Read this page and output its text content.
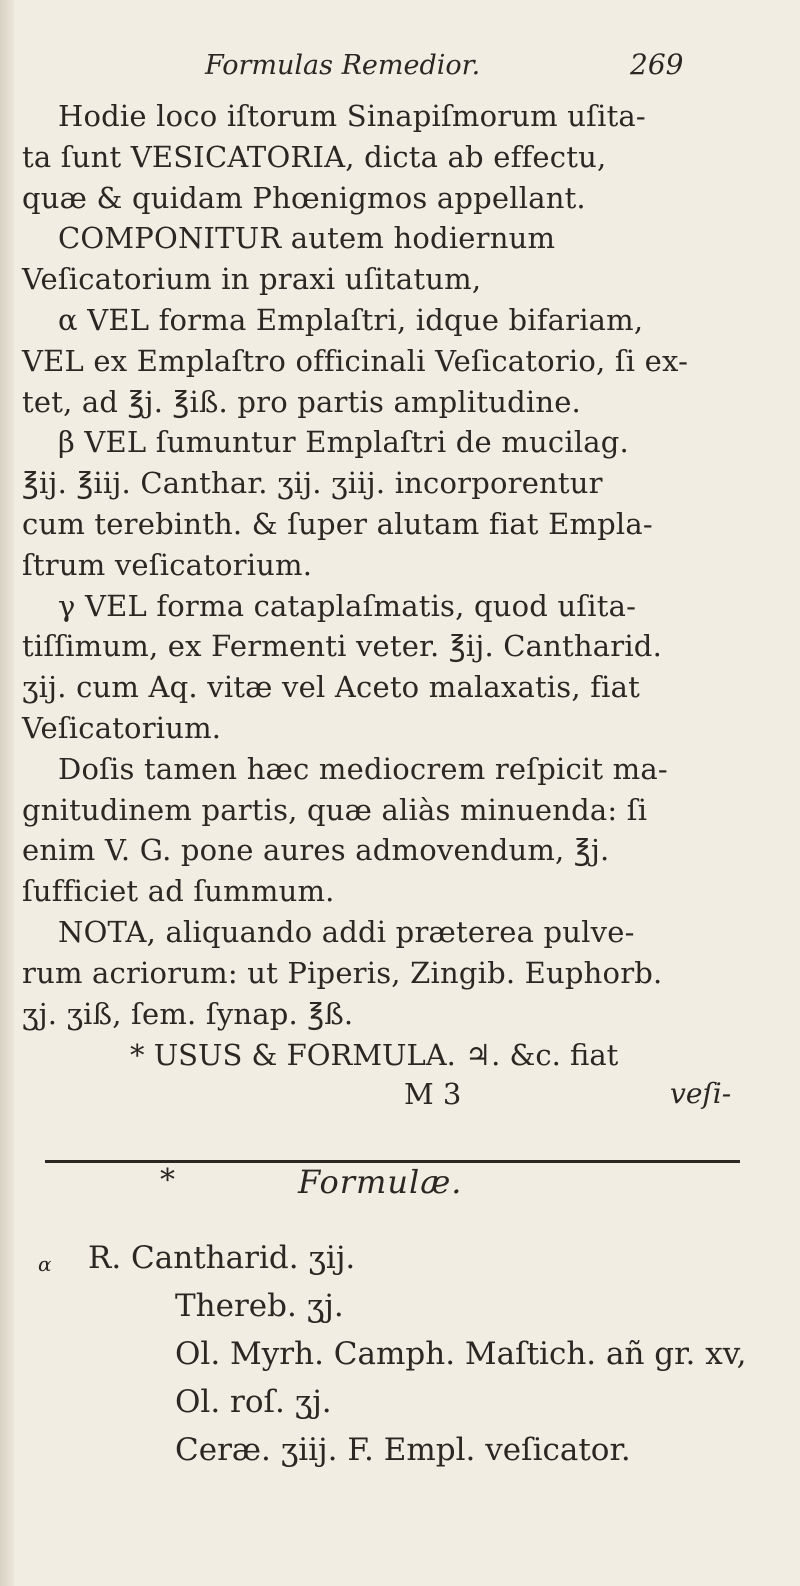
Formulas Remedior.	269
Hodie loco iſtorum Sinapiſmorum uſita-
ta ſunt VESICATORIA, dicta ab effectu,
quæ & quidam Phœnigmos appellant.
COMPONITUR autem hodiernum
Veſicatorium in praxi uſitatum,
α VEL forma Emplaſtri, idque bifariam,
VEL ex Emplaſtro officinali Veſicatorio, ſi ex-
tet, ad ℥j. ℥iß. pro partis amplitudine.
β VEL ſumuntur Emplaſtri de mucilag.
℥ij. ℥iij. Canthar. ʒij. ʒiij. incorporentur
cum terebinth. & ſuper alutam fiat Empla-
ſtrum veſicatorium.
γ VEL forma cataplaſmatis, quod uſita-
tiſſimum, ex Fermenti veter. ℥ij. Cantharid.
ʒij. cum Aq. vitæ vel Aceto malaxatis, fiat
Veſicatorium.
Doſis tamen hæc mediocrem reſpicit ma-
gnitudinem partis, quæ aliàs minuenda: ſi
enim V. G. pone aures admovendum, ℥j.
ſufficiet ad ſummum.
NOTA, aliquando addi præterea pulve-
rum acriorum: ut Piperis, Zingib. Euphorb.
ʒj. ʒiß, ſem. ſynap. ℥ß.
* USUS & FORMULA. ♃. &c. fiat
M 3	veſi-
*	Formulæ.
α R. Cantharid. ʒij.
Thereb. ʒj.
Ol. Myrh. Camph. Maſtich. añ gr. xv,
Ol. roſ. ʒj.
Ceræ. ʒiij. F. Empl. veſicator.
